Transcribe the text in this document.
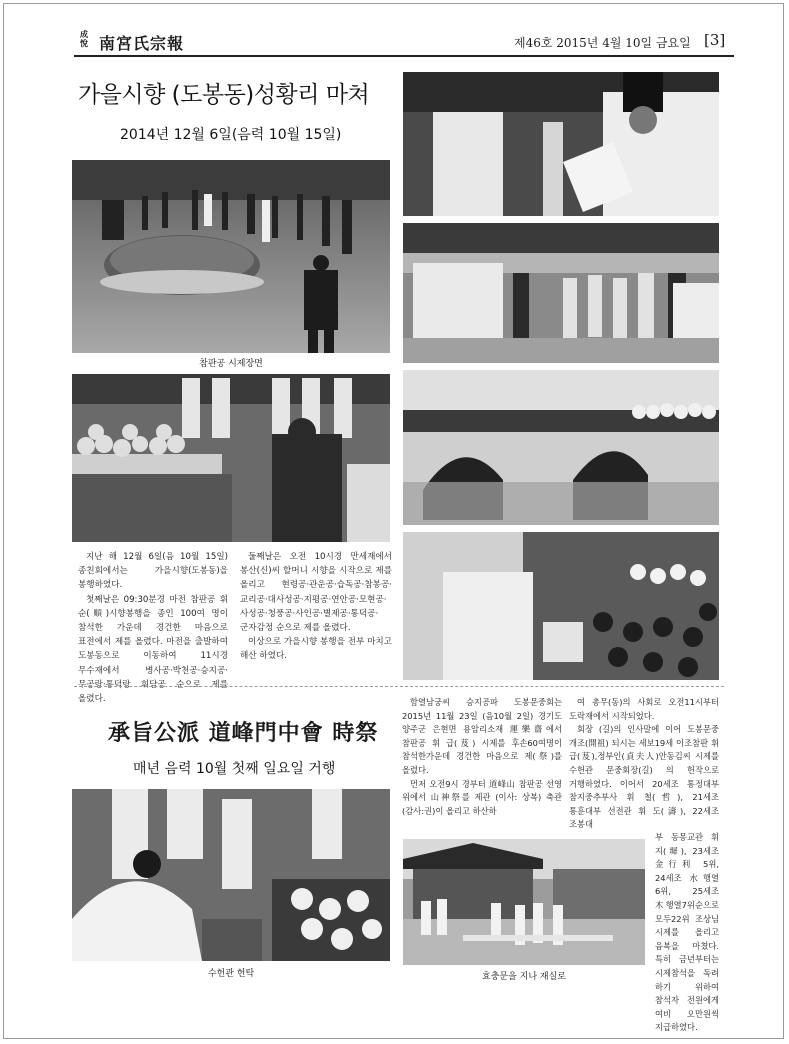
成悅 南宮氏宗報	제46호 2015년 4월 10일 금요일 [3]
가을시향 (도봉동)성황리 마쳐
2014년 12월 6일(음력 10월 15일)
참판공 시제장면

지난 해 12월 6일(음 10월 15일)종친회에서는 가을시향(도봉동)을 봉행하였다.

첫째날은 09:30분경 마전 참판공 휘 순(順)시향봉행을 종인 100여 명이 참석한 가운데 경건한 마음으로 표전에서 제를 올렸다. 마전을 출발하여 도봉동으로 이동하여 11시경 무수재에서 병사공·박천공·승지공·무공랑·통덕랑 휘담공 순으로 제를 올렸다.

둘째날은 오전 10시경 만세재에서 봉산(신)씨 할머니 시향을 시작으로 제를 올리고 현령공·관운공·습독공·참봉공·교리공·대사성공·지평공·연안공·모현공·사성공·청풍공·사인공·별제공·통덕공·군자감정 순으로 제를 올렸다.

이상으로 가을시향 봉행을 전부 마치고 해산 하였다.

承旨公派 道峰門中會 時祭
매년 음력 10월 첫째 일요일 거행
수헌관 헌탁

함열남궁씨 승지공파 도봉문중회는 2015년 11월 23일 (음10월 2일) 경기도 양주군 은현면 용암리소재 運樂齋에서 참판공 휘 급(芨) 시제를 후손60여명이 참석한가운데 경건한 마음으로 제(祭)를 올렸다.

먼저 오전9시 경부터 道峰山 참판공 선영 위에서 山神祭를 제관 (이사: 상복) 축관 (감사:권)이 올리고 하산하

여 총무(동)의 사회로 오전11시부터 도락재에서 시작되었다.

회장 (길)의 인사말에 이어 도봉문중 개조(開祖) 되시는 세보19세 이조참판 휘 급(芨),정부인(貞夫人)안동김씨 시제를 수헌관 문중회장(길) 의 헌작으로 거행하였다. 이어서 20세조 통정대부 참지중추부사 휘 철(哲), 21세조 통훈대부 선전관 휘 도(濤), 22세조 조봉대

부 동몽교관 휘 지(墀), 23세조 金行利 5위, 24세조 水행열 6위, 25세조 木행열7위순으로 모두22위 조상님 시제를 올리고 음복을 마쳤다. 특히 금년부터는 시제참석을 독려 하기 위하여 참석자 전원에게 여비 오만원씩 지급하였다.
효충문을 지나 재실로
